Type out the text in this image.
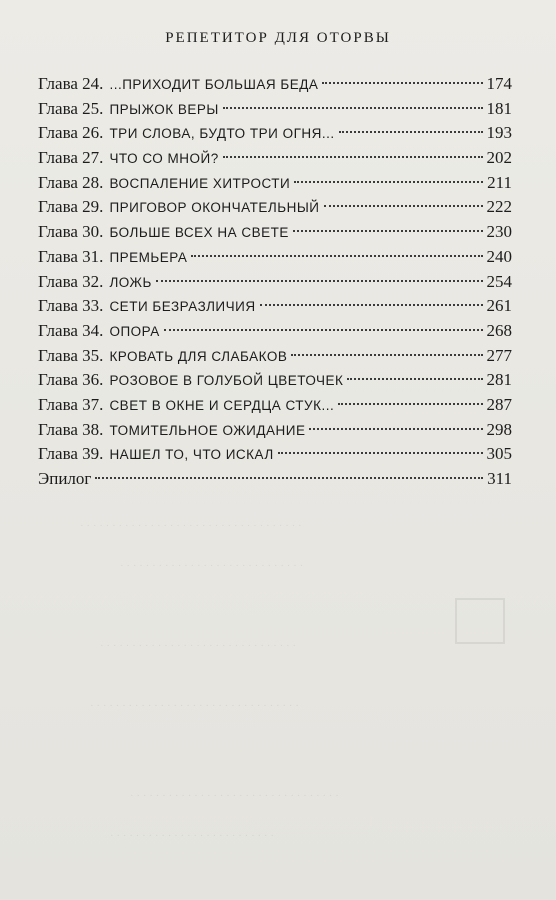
· · · · · · · · · · · · · · · · · · · · · · · · · · · · · · · · · · ·
· · · · · · · · · · · · · · · · · · · · · · · · · · · · ·
· · · · · · · · · · · · · · · · · · · · · · · · · · · · · · ·
· · · · · · · · · · · · · · · · · · · · · · · · · · · · · · · · ·
· · · · · · · · · · · · · · · · · · · · · · · · · · · · · · · · ·
· · · · · · · · · · · · · · · · · · · · · · · · · ·

РЕПЕТИТОР ДЛЯ ОТОРВЫ
Глава 24. ...ПРИХОДИТ БОЛЬШАЯ БЕДА	174
Глава 25. ПРЫЖОК ВЕРЫ	181
Глава 26. ТРИ СЛОВА, БУДТО ТРИ ОГНЯ...	193
Глава 27. ЧТО СО МНОЙ?	202
Глава 28. ВОСПАЛЕНИЕ ХИТРОСТИ	211
Глава 29. ПРИГОВОР ОКОНЧАТЕЛЬНЫЙ	222
Глава 30. БОЛЬШЕ ВСЕХ НА СВЕТЕ	230
Глава 31. ПРЕМЬЕРА	240
Глава 32. ЛОЖЬ	254
Глава 33. СЕТИ БЕЗРАЗЛИЧИЯ	261
Глава 34. ОПОРА	268
Глава 35. КРОВАТЬ ДЛЯ СЛАБАКОВ	277
Глава 36. РОЗОВОЕ В ГОЛУБОЙ ЦВЕТОЧЕК	281
Глава 37. СВЕТ В ОКНЕ И СЕРДЦА СТУК...	287
Глава 38. ТОМИТЕЛЬНОЕ ОЖИДАНИЕ	298
Глава 39. НАШЕЛ ТО, ЧТО ИСКАЛ	305
Эпилог	311
